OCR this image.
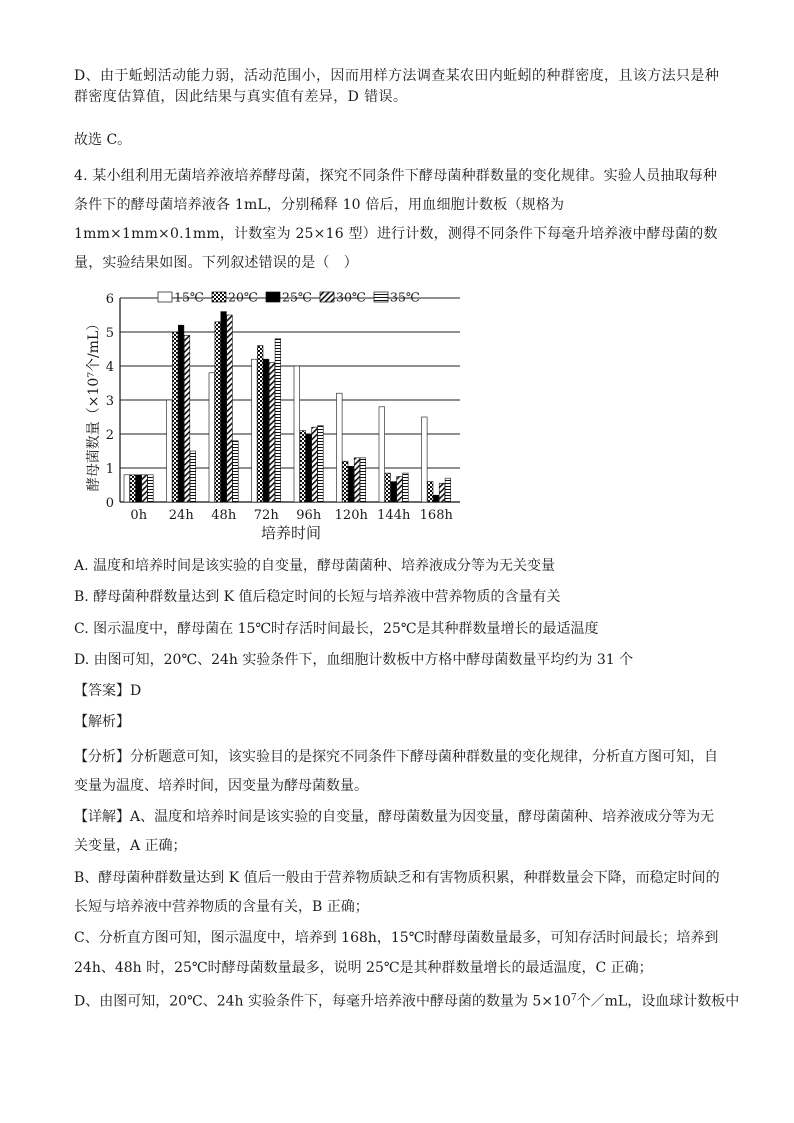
D、由于蚯蚓活动能力弱，活动范围小，因而用样方法调查某农田内蚯蚓的种群密度，且该方法只是种群密度估算值，因此结果与真实值有差异，D 错误。
故选 C。
4. 某小组利用无菌培养液培养酵母菌，探究不同条件下酵母菌种群数量的变化规律。实验人员抽取每种条件下的酵母菌培养液各 1mL，分别稀释 10 倍后，用血细胞计数板（规格为 1mm×1mm×0.1mm，计数室为 25×16 型）进行计数，测得不同条件下每毫升培养液中酵母菌的数量，实验结果如图。下列叙述错误的是（　）
0
1
2
3
4
5
6
0h 24h 48h 72h 96h 120h 144h 168h
15℃ 20℃ 25℃ 30℃ 35℃
酵母菌数量（×10⁷个/mL）
培养时间
A. 温度和培养时间是该实验的自变量，酵母菌菌种、培养液成分等为无关变量
B. 酵母菌种群数量达到 K 值后稳定时间的长短与培养液中营养物质的含量有关
C. 图示温度中，酵母菌在 15℃时存活时间最长，25℃是其种群数量增长的最适温度
D. 由图可知，20℃、24h 实验条件下，血细胞计数板中方格中酵母菌数量平均约为 31 个
【答案】D
【解析】
【分析】分析题意可知，该实验目的是探究不同条件下酵母菌种群数量的变化规律，分析直方图可知，自变量为温度、培养时间，因变量为酵母菌数量。
【详解】A、温度和培养时间是该实验的自变量，酵母菌数量为因变量，酵母菌菌种、培养液成分等为无关变量，A 正确；
B、酵母菌种群数量达到 K 值后一般由于营养物质缺乏和有害物质积累，种群数量会下降，而稳定时间的长短与培养液中营养物质的含量有关，B 正确；
C、分析直方图可知，图示温度中，培养到 168h，15℃时酵母菌数量最多，可知存活时间最长；培养到
24h、48h 时，25℃时酵母菌数量最多，说明 25℃是其种群数量增长的最适温度，C 正确；
D、由图可知，20℃、24h 实验条件下，每毫升培养液中酵母菌的数量为 $5\times 10^7$个／mL，设血球计数板中
